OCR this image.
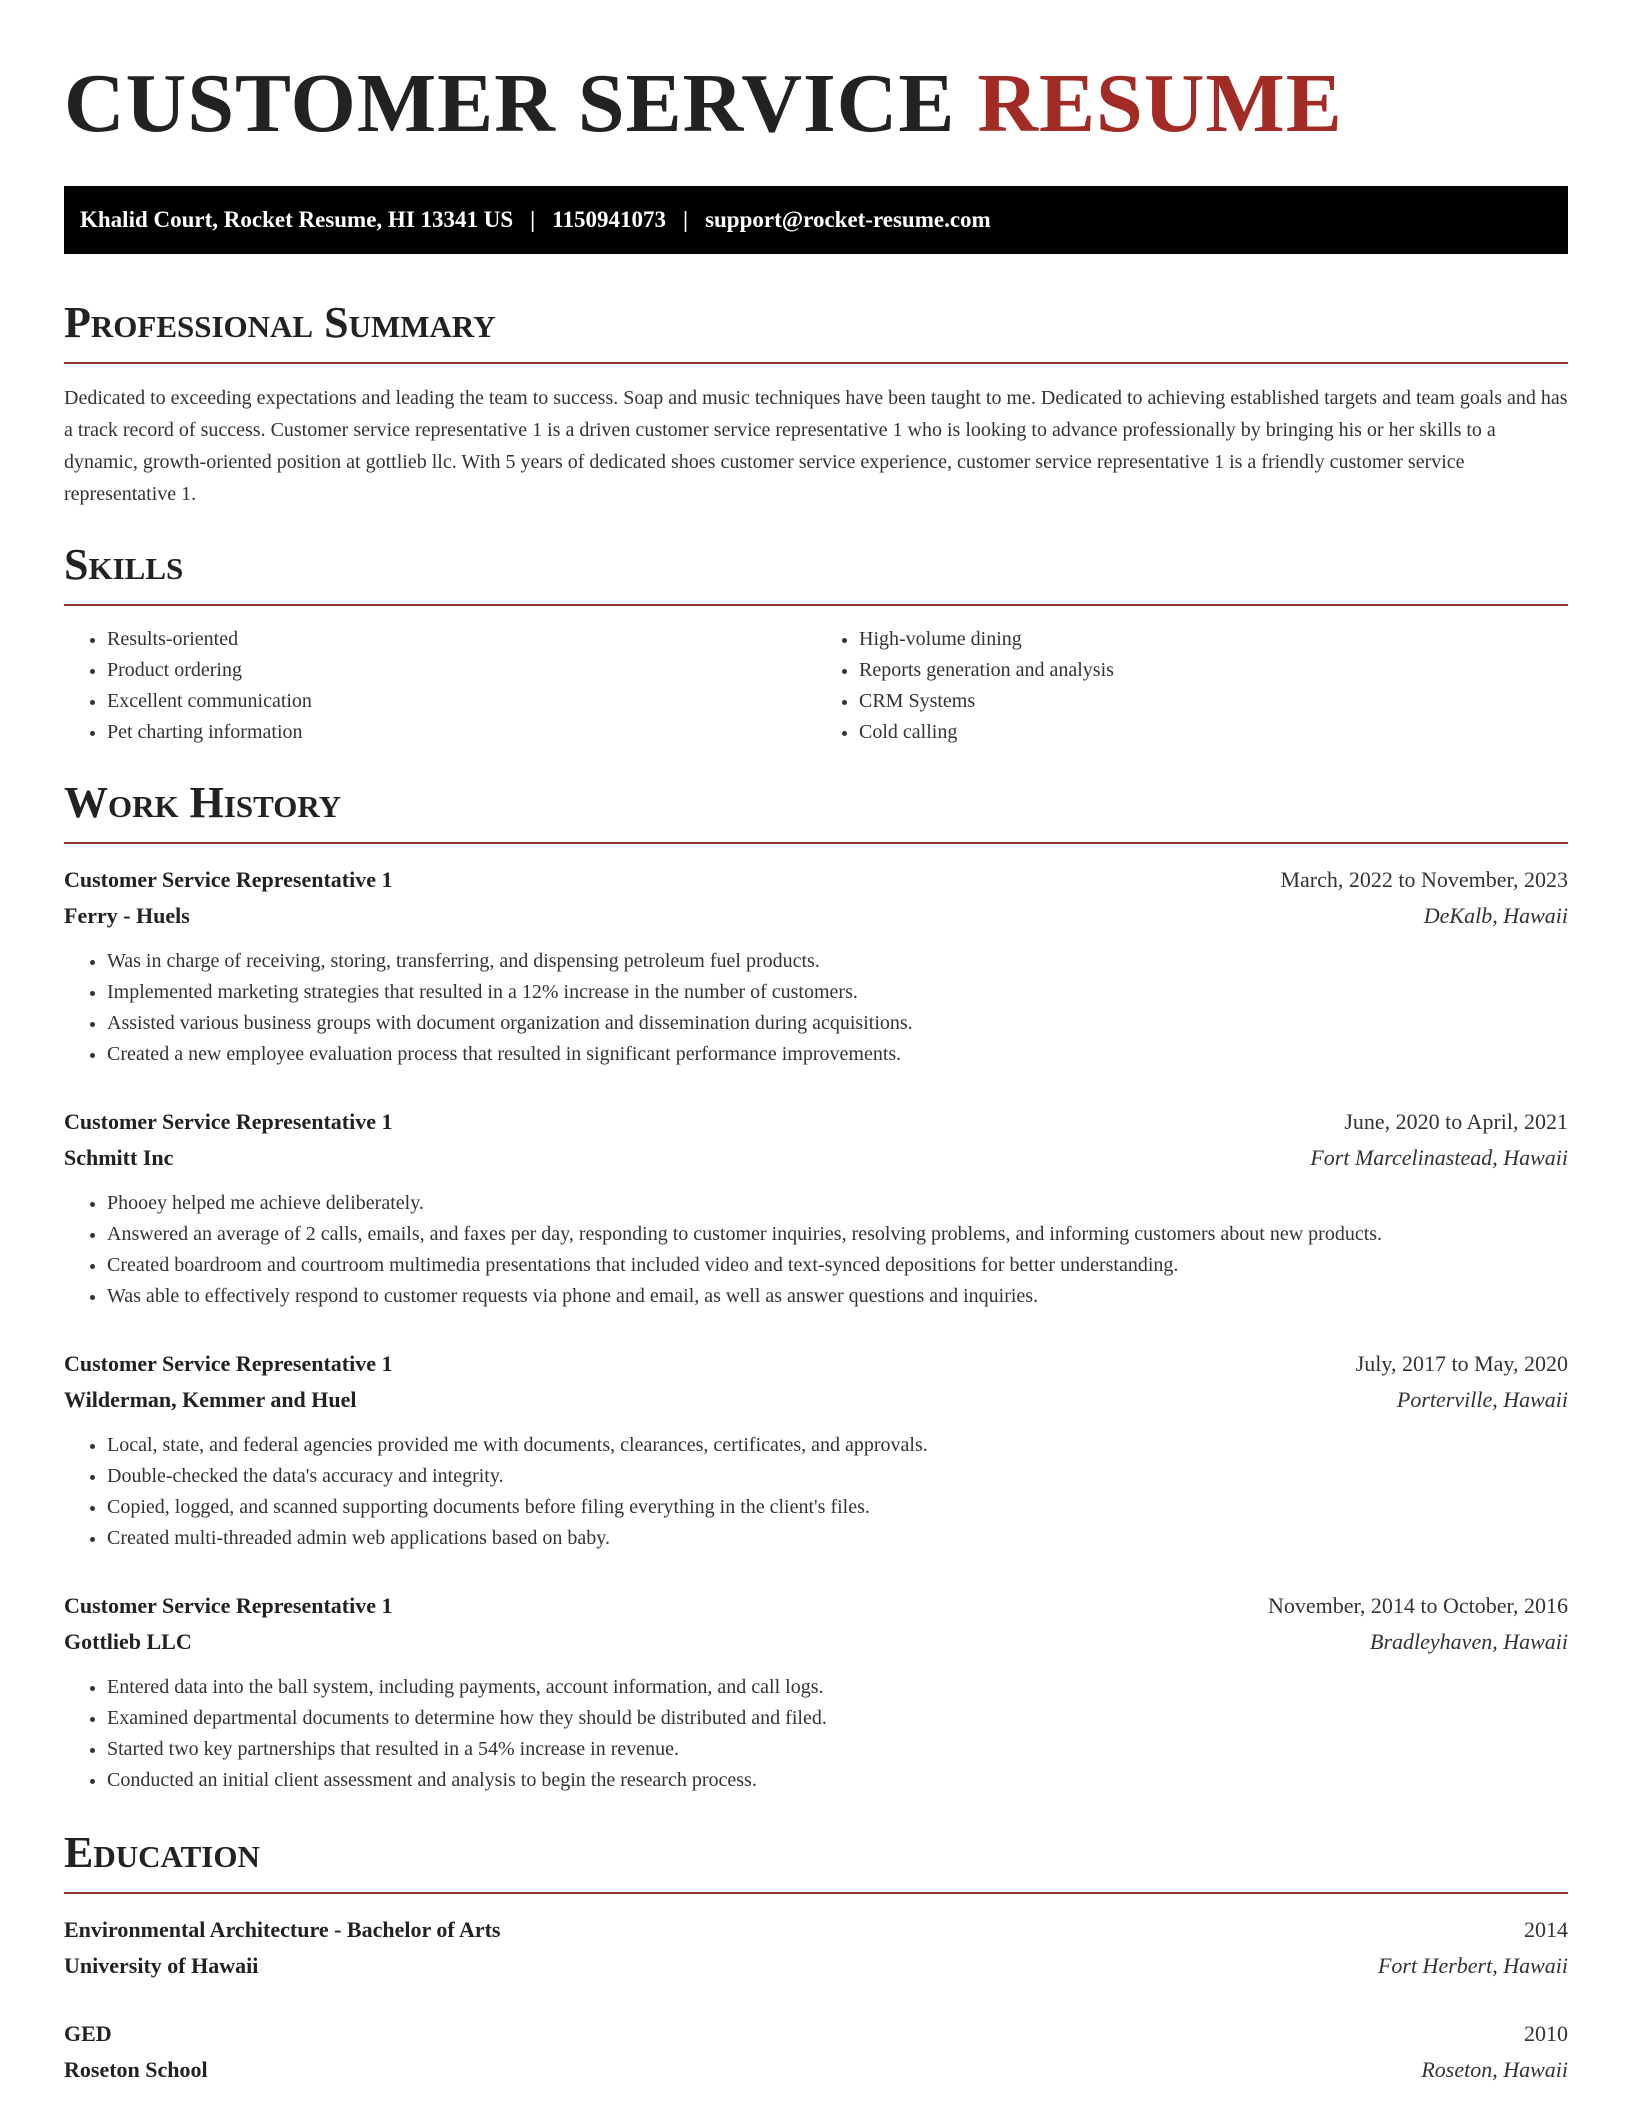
CUSTOMER SERVICE RESUME
Khalid Court, Rocket Resume, HI 13341 US | 1150941073 | support@rocket-resume.com
Professional Summary

Dedicated to exceeding expectations and leading the team to success. Soap and music techniques have been taught to me. Dedicated to achieving established targets and team goals and has a track record of success. Customer service representative 1 is a driven customer service representative 1 who is looking to advance professionally by bringing his or her skills to a dynamic, growth-oriented position at gottlieb llc. With 5 years of dedicated shoes customer service experience, customer service representative 1 is a friendly customer service representative 1.

Skills
• Results-oriented
• Product ordering
• Excellent communication
• Pet charting information
• High-volume dining
• Reports generation and analysis
• CRM Systems
• Cold calling
Work History
Customer Service Representative 1	March, 2022 to November, 2023
Ferry - Huels	DeKalb, Hawaii
• Was in charge of receiving, storing, transferring, and dispensing petroleum fuel products.
• Implemented marketing strategies that resulted in a 12% increase in the number of customers.
• Assisted various business groups with document organization and dissemination during acquisitions.
• Created a new employee evaluation process that resulted in significant performance improvements.
Customer Service Representative 1	June, 2020 to April, 2021
Schmitt Inc	Fort Marcelinastead, Hawaii
• Phooey helped me achieve deliberately.
• Answered an average of 2 calls, emails, and faxes per day, responding to customer inquiries, resolving problems, and informing customers about new products.
• Created boardroom and courtroom multimedia presentations that included video and text-synced depositions for better understanding.
• Was able to effectively respond to customer requests via phone and email, as well as answer questions and inquiries.
Customer Service Representative 1	July, 2017 to May, 2020
Wilderman, Kemmer and Huel	Porterville, Hawaii
• Local, state, and federal agencies provided me with documents, clearances, certificates, and approvals.
• Double-checked the data's accuracy and integrity.
• Copied, logged, and scanned supporting documents before filing everything in the client's files.
• Created multi-threaded admin web applications based on baby.
Customer Service Representative 1	November, 2014 to October, 2016
Gottlieb LLC	Bradleyhaven, Hawaii
• Entered data into the ball system, including payments, account information, and call logs.
• Examined departmental documents to determine how they should be distributed and filed.
• Started two key partnerships that resulted in a 54% increase in revenue.
• Conducted an initial client assessment and analysis to begin the research process.
Education
Environmental Architecture - Bachelor of Arts	2014
University of Hawaii	Fort Herbert, Hawaii
GED	2010
Roseton School	Roseton, Hawaii
